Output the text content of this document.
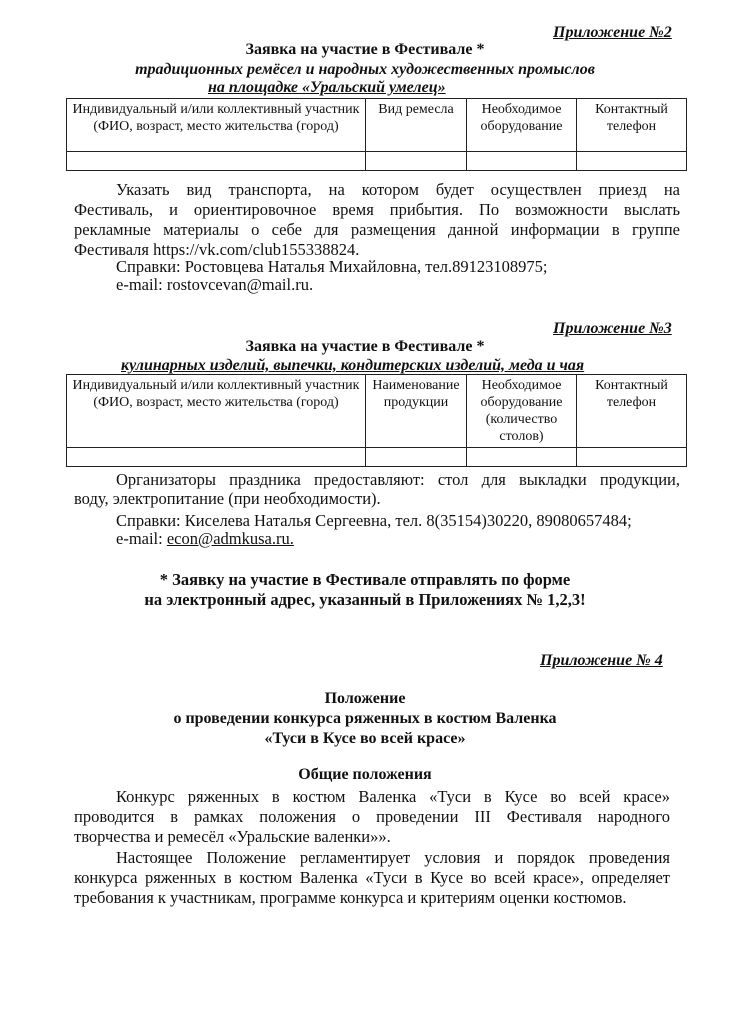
Приложение №2
Заявка на участие в Фестивале *
традиционных ремёсел и народных художественных промыслов
на площадке «Уральский умелец»
Индивидуальный и/или коллективный участник (ФИО, возраст, место жительства (город)	Вид ремесла	Необходимое оборудование	Контактный телефон

Указать вид транспорта, на котором будет осуществлен приезд на
Фестиваль, и ориентировочное время прибытия. По возможности выслать
рекламные материалы о себе для размещения данной информации в группе
Фестиваля https://vk.com/club155338824.
Справки: Ростовцева Наталья Михайловна, тел.89123108975;
e-mail: rostovcevan@mail.ru.
Приложение №3
Заявка на участие в Фестивале *
кулинарных изделий, выпечки, кондитерских изделий, меда и чая
Индивидуальный и/или коллективный участник (ФИО, возраст, место жительства (город)	Наименование продукции	Необходимое оборудование (количество столов)	Контактный телефон

Организаторы праздника предоставляют: стол для выкладки продукции,
воду, электропитание (при необходимости).
Справки: Киселева Наталья Сергеевна, тел. 8(35154)30220, 89080657484;
e-mail: econ@admkusa.ru.
* Заявку на участие в Фестивале отправлять по форме
на электронный адрес, указанный в Приложениях № 1,2,3!
Приложение № 4
Положение
о проведении конкурса ряженных в костюм Валенка
«Туси в Кусе во всей красе»
Общие положения
Конкурс ряженных в костюм Валенка «Туси в Кусе во всей красе»
проводится в рамках положения о проведении III Фестиваля народного
творчества и ремесёл «Уральские валенки»».
Настоящее Положение регламентирует условия и порядок проведения
конкурса ряженных в костюм Валенка «Туси в Кусе во всей красе», определяет
требования к участникам, программе конкурса и критериям оценки костюмов.
